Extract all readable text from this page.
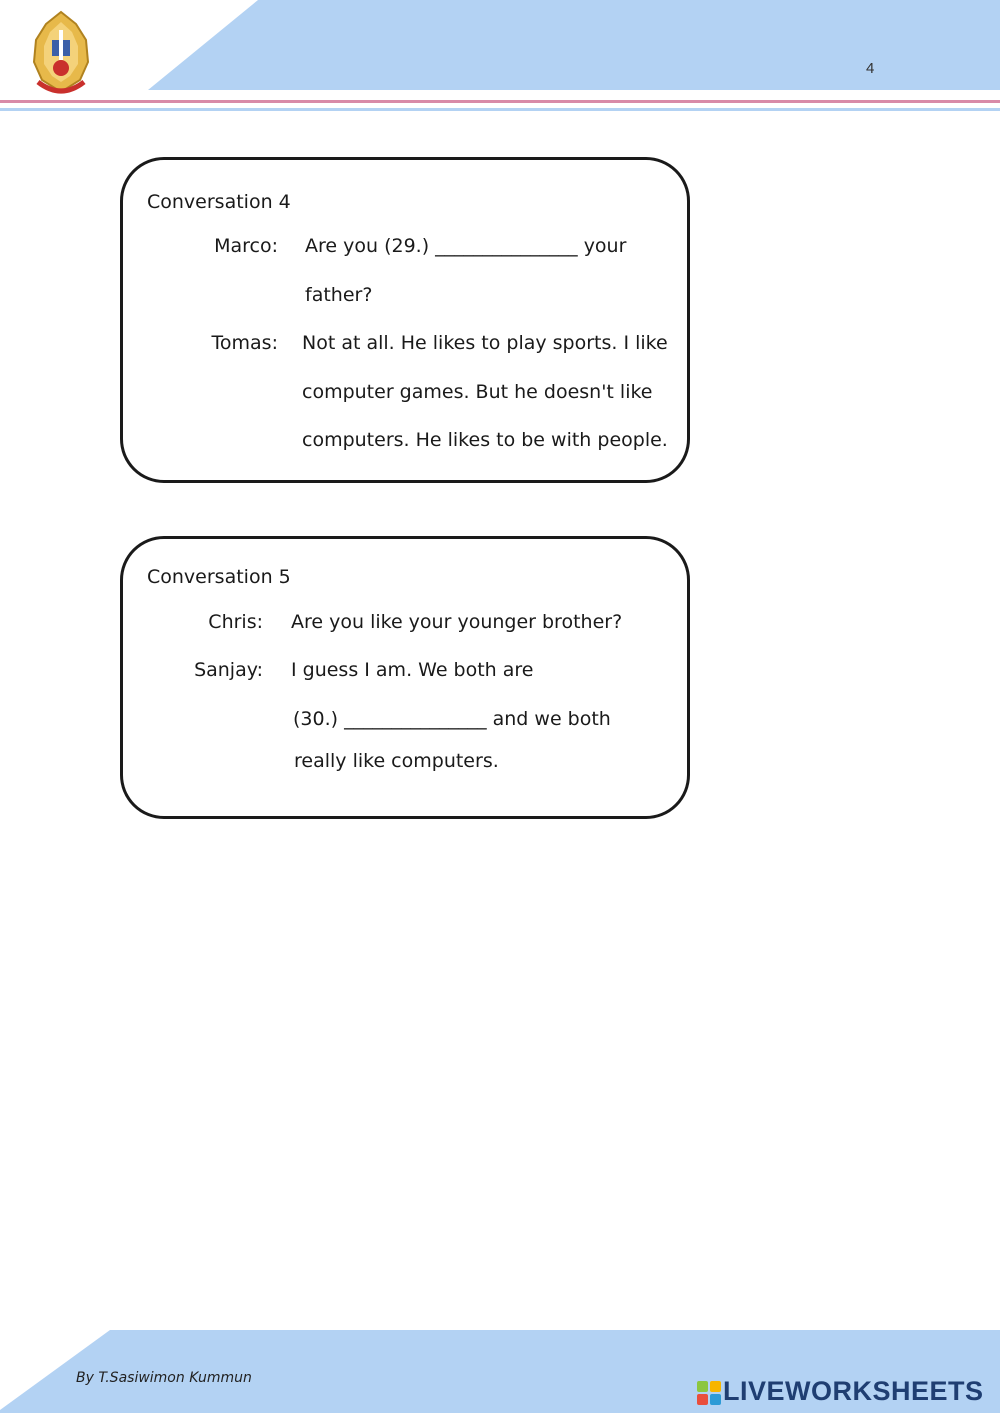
4
Conversation 4
Marco: Are you (29.) _______________ your
father?
Tomas: Not at all. He likes to play sports. I like
computer games. But he doesn't like
computers. He likes to be with people.
Conversation 5
Chris: Are you like your younger brother?
Sanjay: I guess I am. We both are
(30.) _______________ and we both
really like computers.
By T.Sasiwimon Kummun	LIVEWORKSHEETS
